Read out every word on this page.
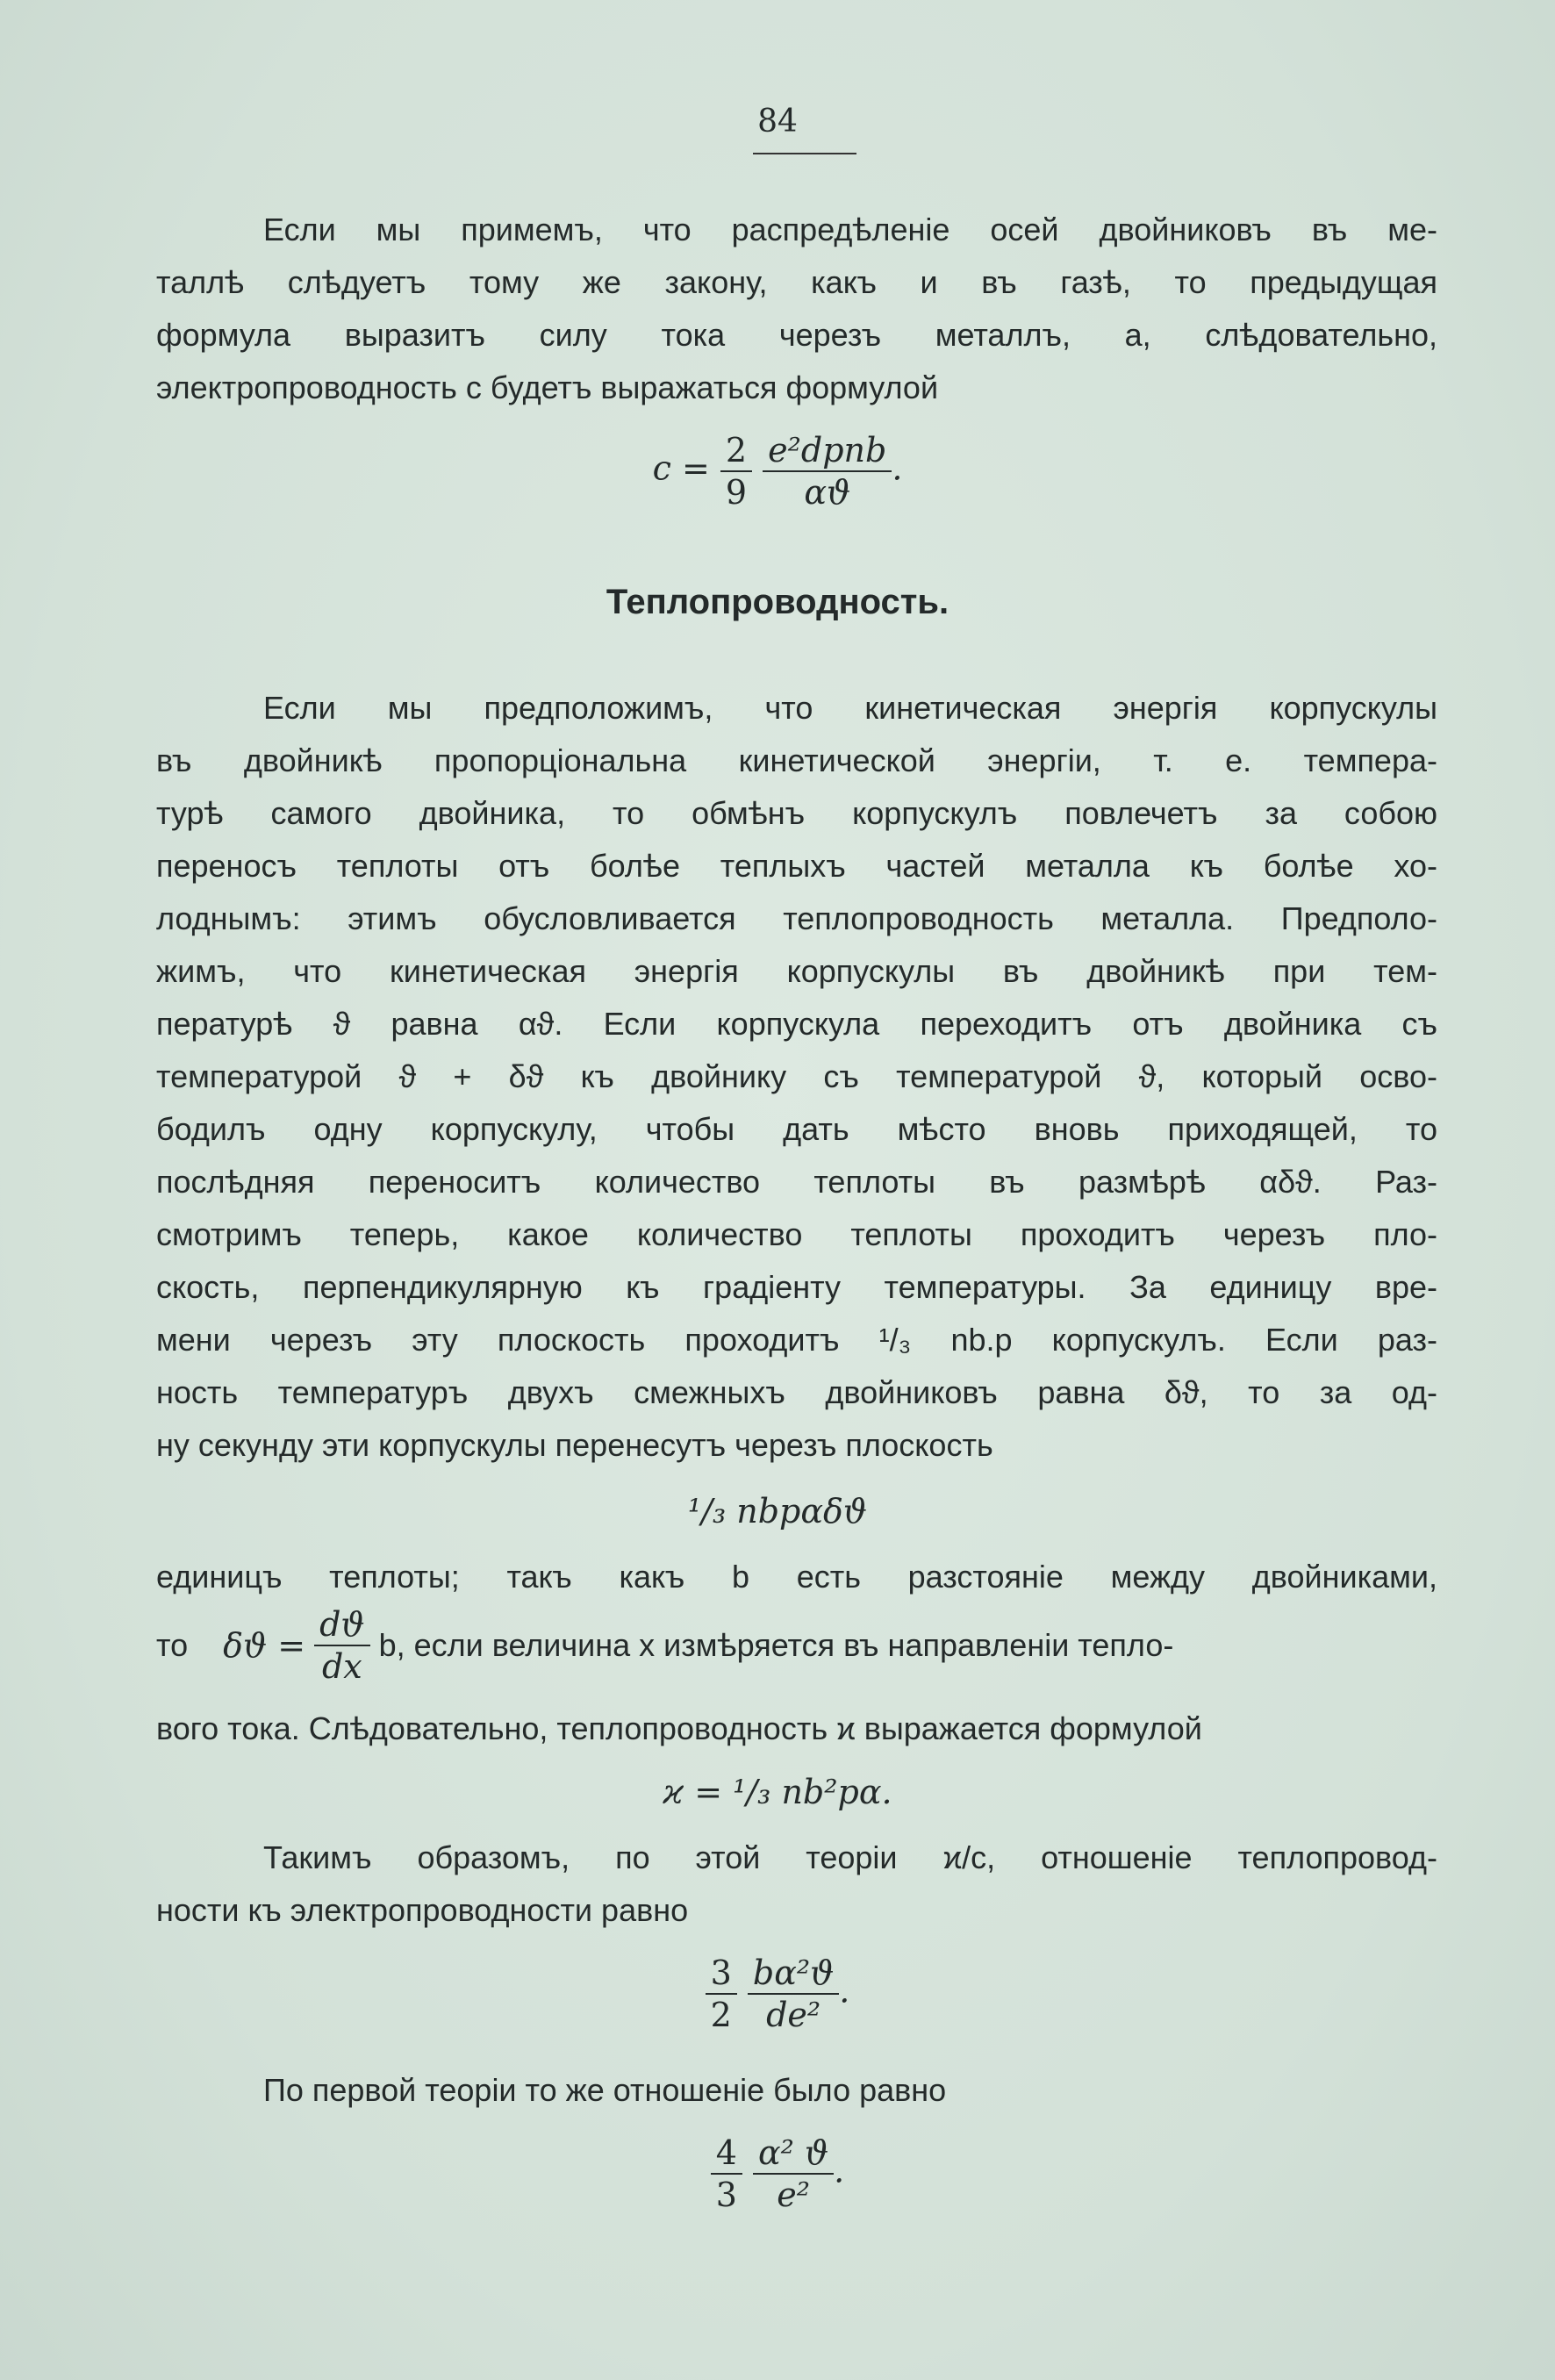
84
Если мы примемъ, что распредѣленіе осей двойниковъ въ ме-
таллѣ слѣдуетъ тому же закону, какъ и въ газѣ, то предыдущая
формула выразитъ силу тока черезъ металлъ, а, слѣдовательно,
электропроводность c будетъ выражаться формулой
$c = \frac{2}{9}$
$\frac{\text{e²dpnb}}{\alpha ϑ}$ .
Теплопроводность.
Если мы предположимъ, что кинетическая энергія корпускулы
въ двойникѣ пропорціональна кинетической энергіи, т. е. темпера-
турѣ самого двойника, то обмѣнъ корпускулъ повлечетъ за собою
переносъ теплоты отъ болѣе теплыхъ частей металла къ болѣе хо-
лоднымъ: этимъ обусловливается теплопроводность металла. Предполо-
жимъ, что кинетическая энергія корпускулы въ двойникѣ при тем-
пературѣ ϑ равна αϑ. Если корпускула переходитъ отъ двойника съ
температурой ϑ + δϑ къ двойнику съ температурой ϑ, который осво-
бодилъ одну корпускулу, чтобы дать мѣсто вновь приходящей, то
послѣдняя переноситъ количество теплоты въ размѣрѣ αδϑ. Раз-
смотримъ теперь, какое количество теплоты проходитъ черезъ пло-
скость, перпендикулярную къ градіенту температуры. За единицу вре-
мени черезъ эту плоскость проходитъ ¹/₃ nb.p корпускулъ. Если раз-
ность температуръ двухъ смежныхъ двойниковъ равна δϑ, то за од-
ну секунду эти корпускулы перенесутъ черезъ плоскость
¹/₃ nbpαδϑ
единицъ теплоты; такъ какъ b есть разстояніе между двойниками,
то $\delta ϑ = \frac{dϑ}{dx} b$, если величина x измѣряется въ направленіи тепло-
вого тока. Слѣдовательно, теплопроводность ϰ выражается формулой
ϰ = ¹/₃ nb²pα.
Такимъ образомъ, по этой теоріи ϰ/c, отношеніе теплопровод-
ности къ электропроводности равно
$\frac{3}{2}$
$\frac{\text{bα²ϑ}}{\text{de²}}$ .
По первой теоріи то же отношеніе было равно
$\frac{4}{3}$
$\frac{\text{α² ϑ}}{\text{e²}}$ .
